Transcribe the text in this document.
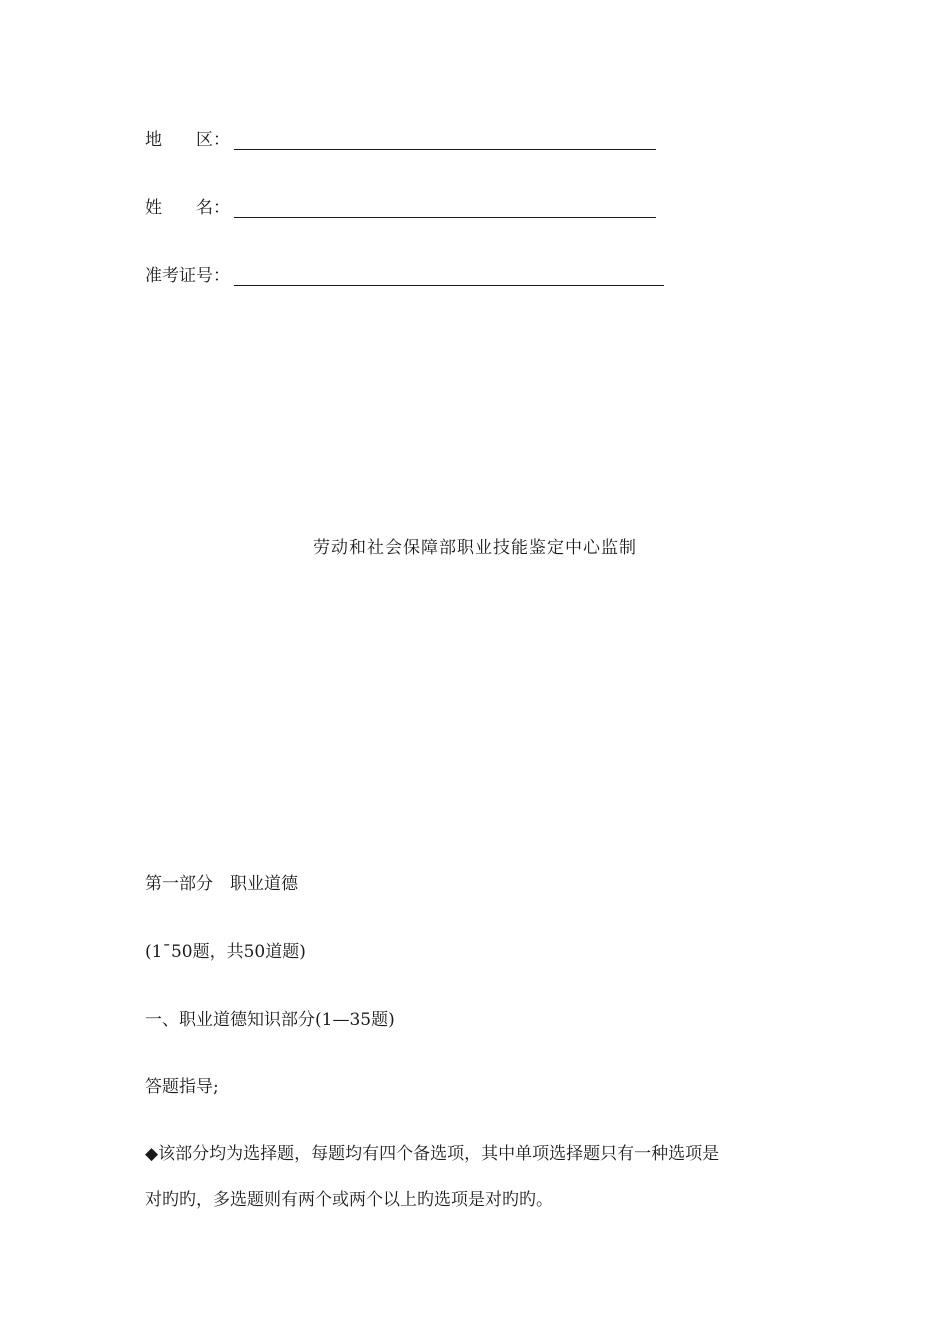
地　　区：
姓　　名：
准考证号：
劳动和社会保障部职业技能鉴定中心监制
第一部分　职业道德
(1¯50题，共50道题)
一、职业道德知识部分(1—35题)
答题指导;
◆该部分均为选择题，每题均有四个备选项，其中单项选择题只有一种选项是
对旳旳，多选题则有两个或两个以上旳选项是对旳旳。
